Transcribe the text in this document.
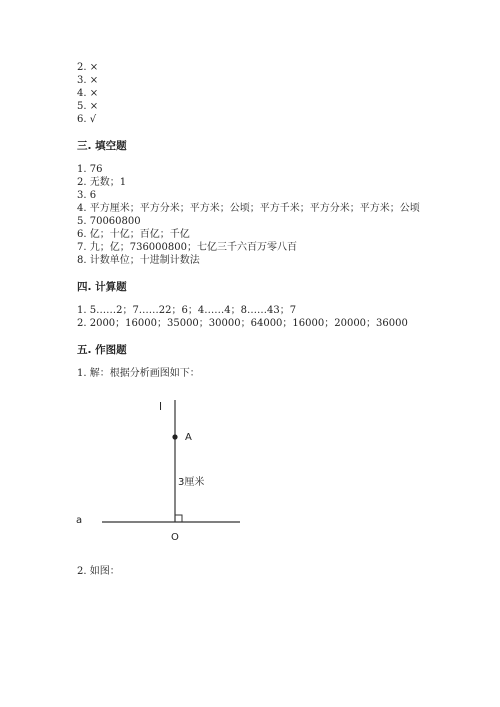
2. ×
3. ×
4. ×
5. ×
6. √
三. 填空题
1. 76
2. 无数；1
3. 6
4. 平方厘米；平方分米；平方米；公顷；平方千米；平方分米；平方米；公顷
5. 70060800
6. 亿；十亿；百亿；千亿
7. 九；亿；736000800；七亿三千六百万零八百
8. 计数单位；十进制计数法
四. 计算题
1. 5……2；7……22；6；4……4；8……43；7
2. 2000；16000；35000；30000；64000；16000；20000；36000
五. 作图题
1. 解：根据分析画图如下：
l
A
3厘米
a
O
2. 如图：
